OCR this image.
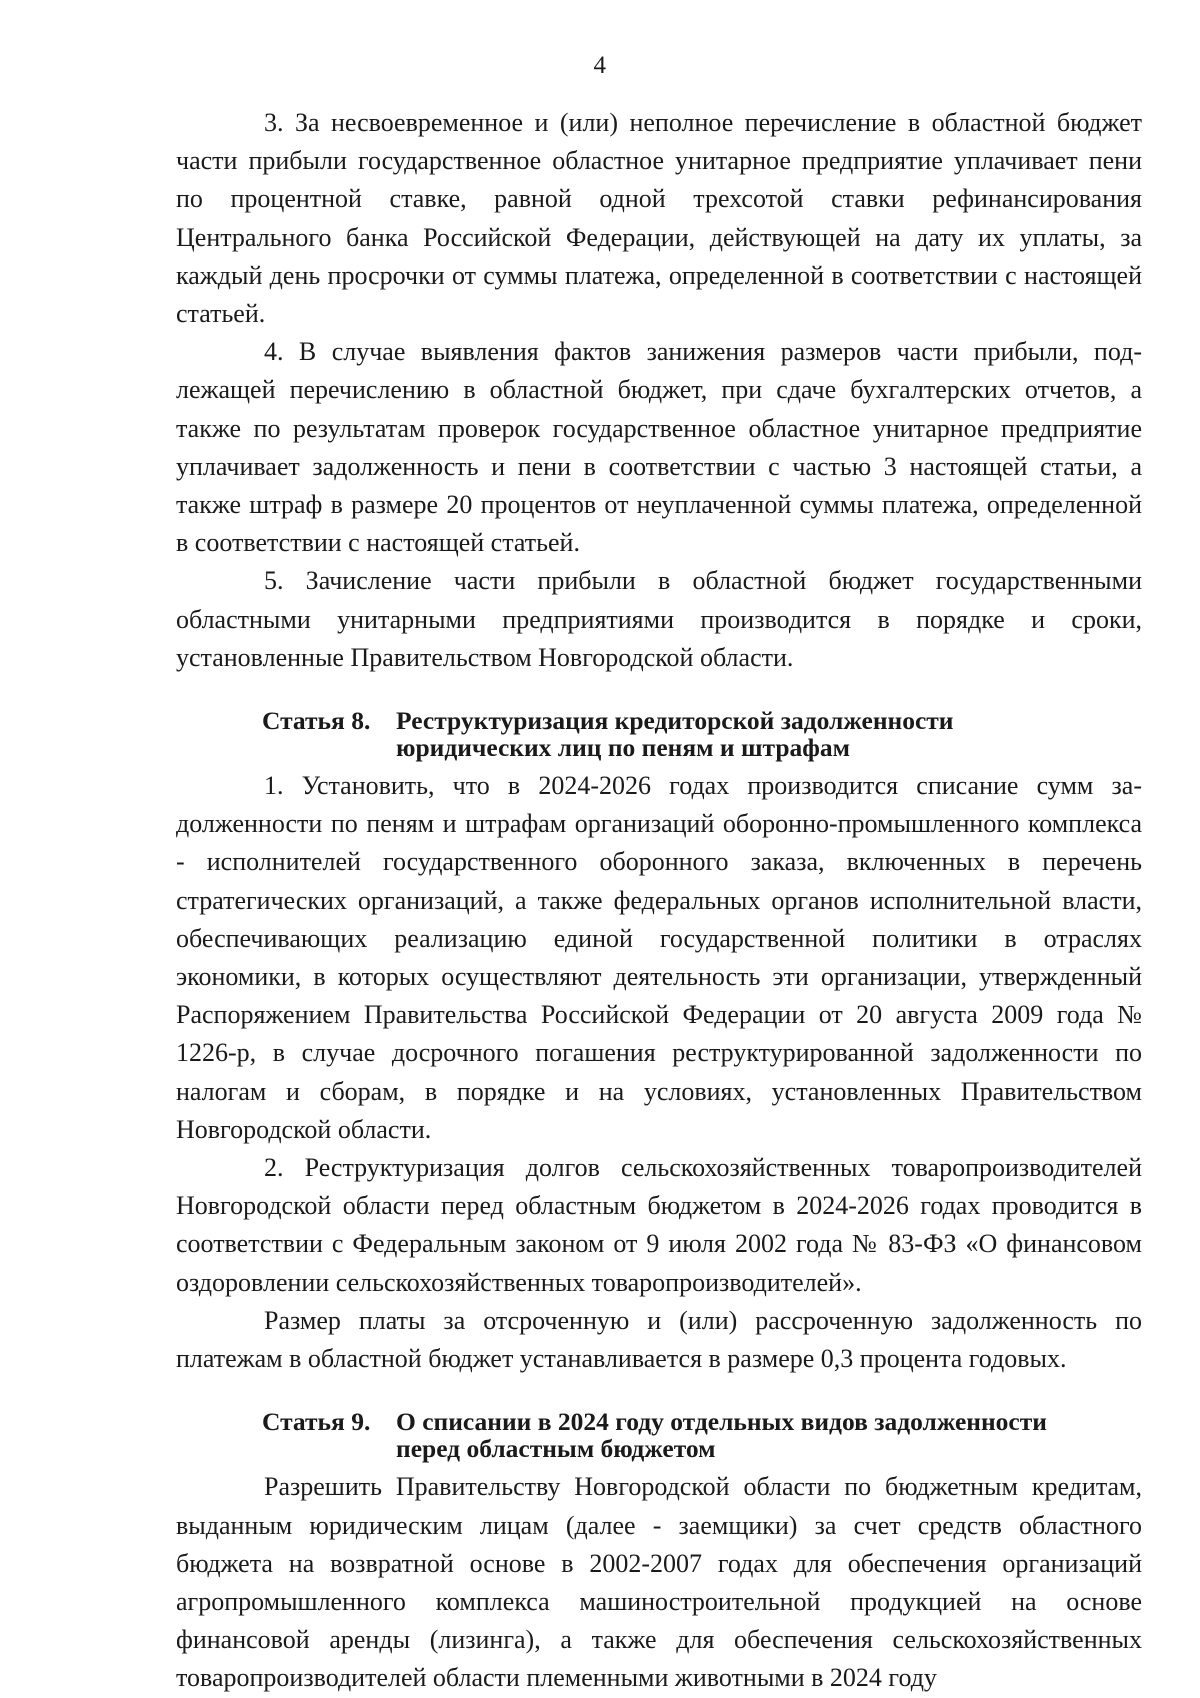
4

3. За несвоевременное и (или) неполное перечисление в областной бюджет части прибыли государственное областное унитарное предприятие уплачивает пени по процентной ставке, равной одной трехсотой ставки рефинансирования Центрального банка Российской Федерации, действующей на дату их уплаты, за каждый день просрочки от суммы платежа, определенной в соответствии с настоящей статьей.

4. В случае выявления фактов занижения размеров части прибыли, подлежащей перечислению в областной бюджет, при сдаче бухгалтерских отчетов, а также по результатам проверок государственное областное унитарное предприятие уплачивает задолженность и пени в соответствии с частью 3 настоящей статьи, а также штраф в размере 20 процентов от неуплаченной суммы платежа, определенной в соответствии с настоящей статьей.

5. Зачисление части прибыли в областной бюджет государственными областными унитарными предприятиями производится в порядке и сроки, установленные Правительством Новгородской области.

Статья 8.	Реструктуризация кредиторской задолженности
юридических лиц по пеням и штрафам

1. Установить, что в 2024-2026 годах производится списание сумм задолженности по пеням и штрафам организаций оборонно-промышленного комплекса - исполнителей государственного оборонного заказа, включенных в перечень стратегических организаций, а также федеральных органов исполнительной власти, обеспечивающих реализацию единой государственной политики в отраслях экономики, в которых осуществляют деятельность эти организации, утвержденный Распоряжением Правительства Российской Федерации от 20 августа 2009 года № 1226-р, в случае досрочного погашения реструктурированной задолженности по налогам и сборам, в порядке и на условиях, установленных Правительством Новгородской области.

2. Реструктуризация долгов сельскохозяйственных товаропроизводителей Новгородской области перед областным бюджетом в 2024-2026 годах проводится в соответствии с Федеральным законом от 9 июля 2002 года № 83-ФЗ «О финансовом оздоровлении сельскохозяйственных товаропроизводителей».

Размер платы за отсроченную и (или) рассроченную задолженность по платежам в областной бюджет устанавливается в размере 0,3 процента годовых.

Статья 9.	О списании в 2024 году отдельных видов задолженности
перед областным бюджетом

Разрешить Правительству Новгородской области по бюджетным кредитам, выданным юридическим лицам (далее - заемщики) за счет средств областного бюджета на возвратной основе в 2002-2007 годах для обеспечения организаций агропромышленного комплекса машиностроительной продукцией на основе финансовой аренды (лизинга), а также для обеспечения сельскохозяйственных товаропроизводителей области племенными животными в 2024 году
